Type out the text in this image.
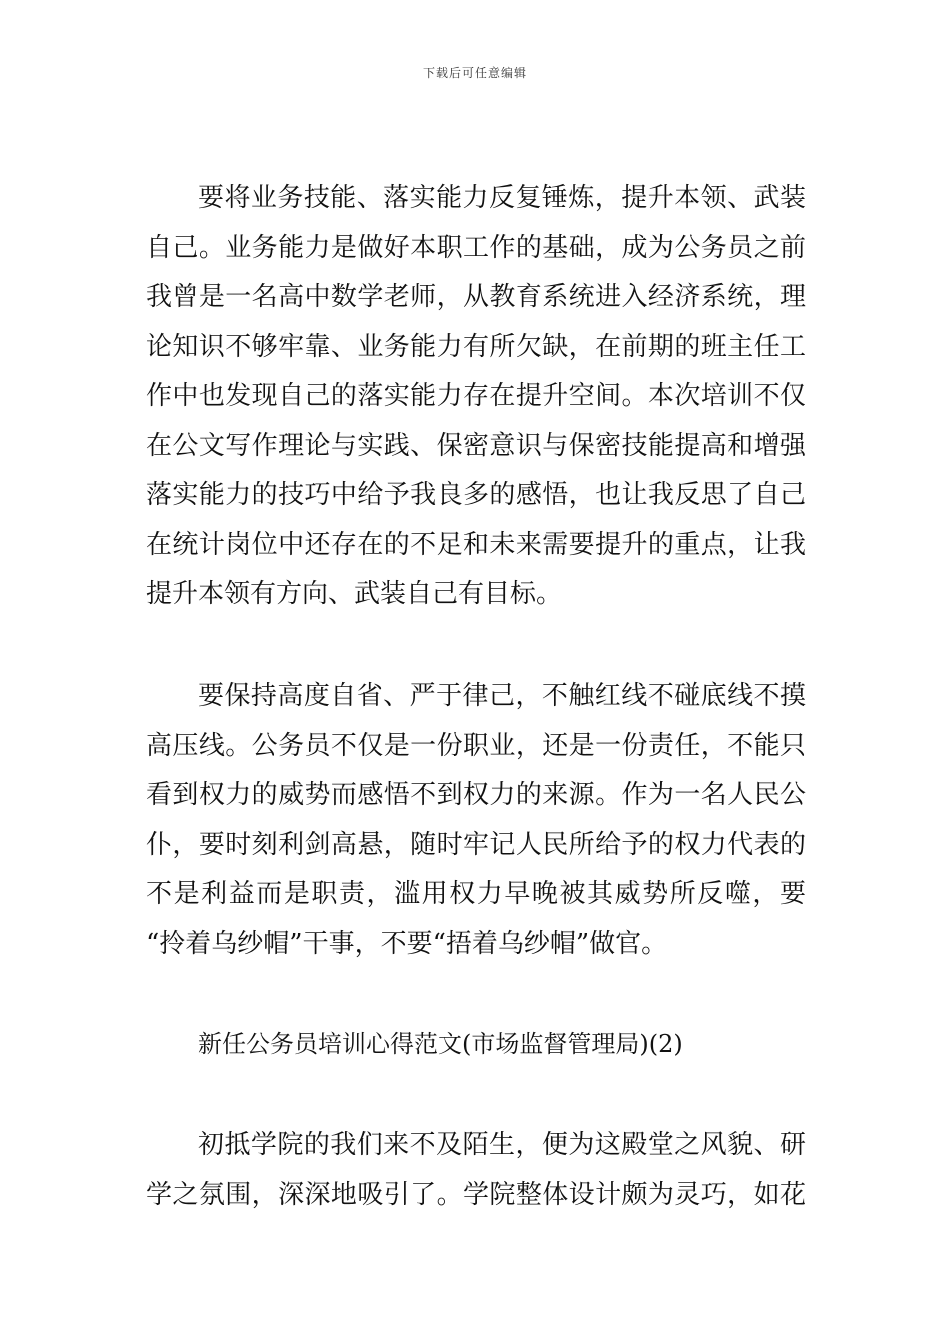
下载后可任意编辑
要将业务技能、落实能力反复锤炼，提升本领、武装
自己。业务能力是做好本职工作的基础，成为公务员之前
我曾是一名高中数学老师，从教育系统进入经济系统，理
论知识不够牢靠、业务能力有所欠缺，在前期的班主任工
作中也发现自己的落实能力存在提升空间。本次培训不仅
在公文写作理论与实践、保密意识与保密技能提高和增强
落实能力的技巧中给予我良多的感悟，也让我反思了自己
在统计岗位中还存在的不足和未来需要提升的重点，让我
提升本领有方向、武装自己有目标。
要保持高度自省、严于律己，不触红线不碰底线不摸
高压线。公务员不仅是一份职业，还是一份责任，不能只
看到权力的威势而感悟不到权力的来源。作为一名人民公
仆，要时刻利剑高悬，随时牢记人民所给予的权力代表的
不是利益而是职责，滥用权力早晚被其威势所反噬，要
“拎着乌纱帽”干事，不要“捂着乌纱帽”做官。
新任公务员培训心得范文(市场监督管理局)(2)
初抵学院的我们来不及陌生，便为这殿堂之风貌、研
学之氛围，深深地吸引了。学院整体设计颇为灵巧，如花
